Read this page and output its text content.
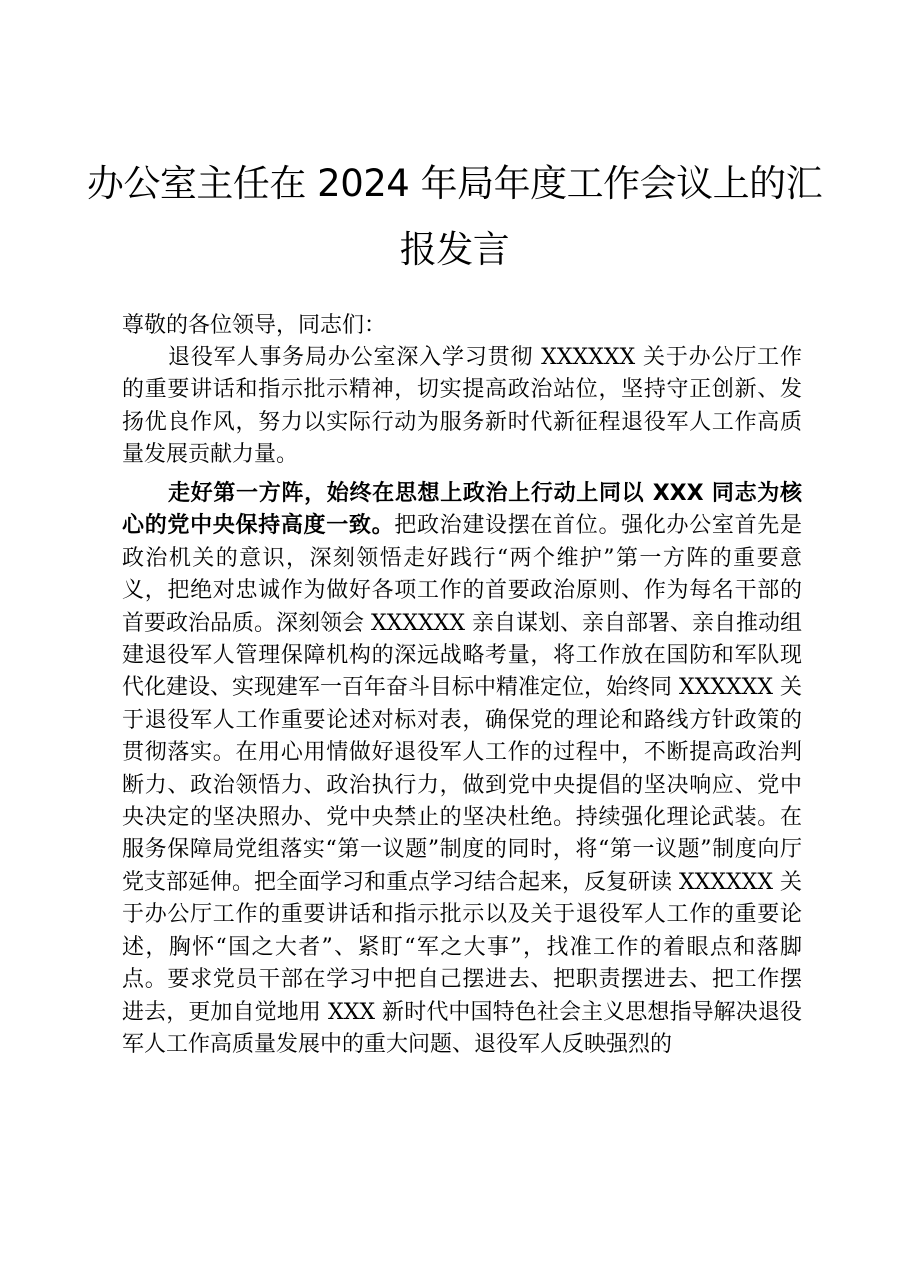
办公室主任在 2024 年局年度工作会议上的汇
报发言

尊敬的各位领导，同志们：

退役军人事务局办公室深入学习贯彻 XXXXXX 关于办公厅工作的重要讲话和指示批示精神，切实提高政治站位，坚持守正创新、发扬优良作风，努力以实际行动为服务新时代新征程退役军人工作高质量发展贡献力量。

走好第一方阵，始终在思想上政治上行动上同以 XXX 同志为核心的党中央保持高度一致。把政治建设摆在首位。强化办公室首先是政治机关的意识，深刻领悟走好践行“两个维护”第一方阵的重要意义，把绝对忠诚作为做好各项工作的首要政治原则、作为每名干部的首要政治品质。深刻领会 XXXXXX 亲自谋划、亲自部署、亲自推动组建退役军人管理保障机构的深远战略考量，将工作放在国防和军队现代化建设、实现建军一百年奋斗目标中精准定位，始终同 XXXXXX 关于退役军人工作重要论述对标对表，确保党的理论和路线方针政策的贯彻落实。在用心用情做好退役军人工作的过程中，不断提高政治判断力、政治领悟力、政治执行力，做到党中央提倡的坚决响应、党中央决定的坚决照办、党中央禁止的坚决杜绝。持续强化理论武装。在服务保障局党组落实“第一议题”制度的同时，将“第一议题”制度向厅党支部延伸。把全面学习和重点学习结合起来，反复研读 XXXXXX 关于办公厅工作的重要讲话和指示批示以及关于退役军人工作的重要论述，胸怀“国之大者”、紧盯“军之大事”，找准工作的着眼点和落脚点。要求党员干部在学习中把自己摆进去、把职责摆进去、把工作摆进去，更加自觉地用 XXX 新时代中国特色社会主义思想指导解决退役军人工作高质量发展中的重大问题、退役军人反映强烈的
